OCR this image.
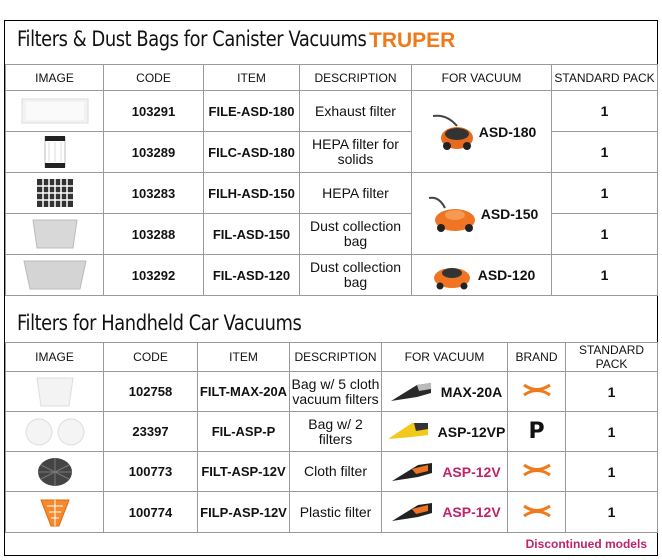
Filters & Dust Bags for Canister Vacuums TRUPER
IMAGE	CODE	ITEM	DESCRIPTION	FOR VACUUM	STANDARD PACK
	103291	FILE-ASD-180	Exhaust filter	ASD-180	1
	103289	FILC-ASD-180	HEPA filter for solids		1
	103283	FILH-ASD-150	HEPA filter	ASD-150	1
	103288	FIL-ASD-150	Dust collection bag		1
	103292	FIL-ASD-120	Dust collection bag	ASD-120	1
Filters for Handheld Car Vacuums
IMAGE	CODE	ITEM	DESCRIPTION	FOR VACUUM	BRAND	STANDARD PACK
	102758	FILT-MAX-20A	Bag w/ 5 cloth vacuum filters	MAX-20A		1
	23397	FIL-ASP-P	Bag w/ 2 filters	ASP-12VP	P	1
	100773	FILT-ASP-12V	Cloth filter	ASP-12V		1
	100774	FILP-ASP-12V	Plastic filter	ASP-12V		1
Discontinued models
